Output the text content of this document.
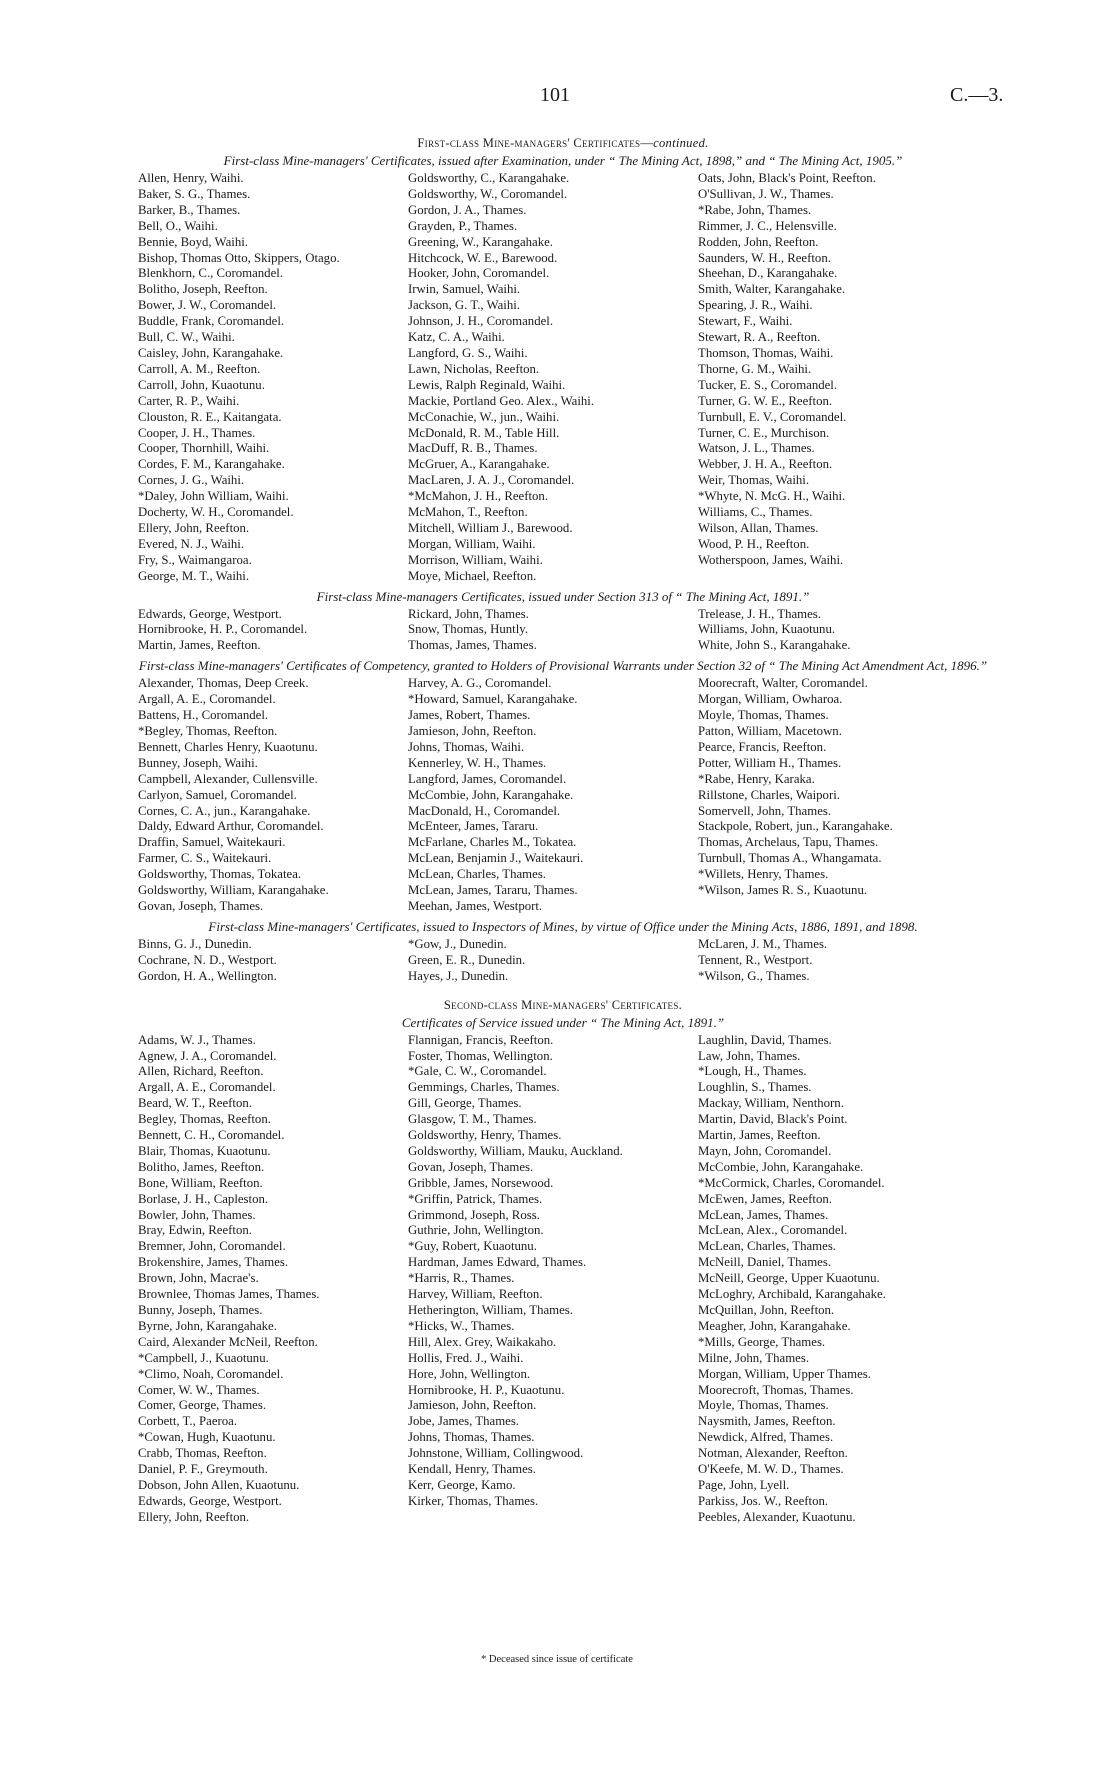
101	C.—3.
First-class Mine-managers' Certificates—continued.
First-class Mine-managers' Certificates, issued after Examination, under “ The Mining Act, 1898,” and “ The Mining Act, 1905.”
Allen, Henry, Waihi.
Baker, S. G., Thames.
Barker, B., Thames.
Bell, O., Waihi.
Bennie, Boyd, Waihi.
Bishop, Thomas Otto, Skippers, Otago.
Blenkhorn, C., Coromandel.
Bolitho, Joseph, Reefton.
Bower, J. W., Coromandel.
Buddle, Frank, Coromandel.
Bull, C. W., Waihi.
Caisley, John, Karangahake.
Carroll, A. M., Reefton.
Carroll, John, Kuaotunu.
Carter, R. P., Waihi.
Clouston, R. E., Kaitangata.
Cooper, J. H., Thames.
Cooper, Thornhill, Waihi.
Cordes, F. M., Karangahake.
Cornes, J. G., Waihi.
*Daley, John William, Waihi.
Docherty, W. H., Coromandel.
Ellery, John, Reefton.
Evered, N. J., Waihi.
Fry, S., Waimangaroa.
George, M. T., Waihi.
Goldsworthy, C., Karangahake.
Goldsworthy, W., Coromandel.
Gordon, J. A., Thames.
Grayden, P., Thames.
Greening, W., Karangahake.
Hitchcock, W. E., Barewood.
Hooker, John, Coromandel.
Irwin, Samuel, Waihi.
Jackson, G. T., Waihi.
Johnson, J. H., Coromandel.
Katz, C. A., Waihi.
Langford, G. S., Waihi.
Lawn, Nicholas, Reefton.
Lewis, Ralph Reginald, Waihi.
Mackie, Portland Geo. Alex., Waihi.
McConachie, W., jun., Waihi.
McDonald, R. M., Table Hill.
MacDuff, R. B., Thames.
McGruer, A., Karangahake.
MacLaren, J. A. J., Coromandel.
*McMahon, J. H., Reefton.
McMahon, T., Reefton.
Mitchell, William J., Barewood.
Morgan, William, Waihi.
Morrison, William, Waihi.
Moye, Michael, Reefton.
Oats, John, Black's Point, Reefton.
O'Sullivan, J. W., Thames.
*Rabe, John, Thames.
Rimmer, J. C., Helensville.
Rodden, John, Reefton.
Saunders, W. H., Reefton.
Sheehan, D., Karangahake.
Smith, Walter, Karangahake.
Spearing, J. R., Waihi.
Stewart, F., Waihi.
Stewart, R. A., Reefton.
Thomson, Thomas, Waihi.
Thorne, G. M., Waihi.
Tucker, E. S., Coromandel.
Turner, G. W. E., Reefton.
Turnbull, E. V., Coromandel.
Turner, C. E., Murchison.
Watson, J. L., Thames.
Webber, J. H. A., Reefton.
Weir, Thomas, Waihi.
*Whyte, N. McG. H., Waihi.
Williams, C., Thames.
Wilson, Allan, Thames.
Wood, P. H., Reefton.
Wotherspoon, James, Waihi.
First-class Mine-managers Certificates, issued under Section 313 of “ The Mining Act, 1891.”
Edwards, George, Westport.
Hornibrooke, H. P., Coromandel.
Martin, James, Reefton.
Rickard, John, Thames.
Snow, Thomas, Huntly.
Thomas, James, Thames.
Trelease, J. H., Thames.
Williams, John, Kuaotunu.
White, John S., Karangahake.
First-class Mine-managers' Certificates of Competency, granted to Holders of Provisional Warrants under Section 32 of “ The Mining Act Amendment Act, 1896.”
Alexander, Thomas, Deep Creek.
Argall, A. E., Coromandel.
Battens, H., Coromandel.
*Begley, Thomas, Reefton.
Bennett, Charles Henry, Kuaotunu.
Bunney, Joseph, Waihi.
Campbell, Alexander, Cullensville.
Carlyon, Samuel, Coromandel.
Cornes, C. A., jun., Karangahake.
Daldy, Edward Arthur, Coromandel.
Draffin, Samuel, Waitekauri.
Farmer, C. S., Waitekauri.
Goldsworthy, Thomas, Tokatea.
Goldsworthy, William, Karangahake.
Govan, Joseph, Thames.
Harvey, A. G., Coromandel.
*Howard, Samuel, Karangahake.
James, Robert, Thames.
Jamieson, John, Reefton.
Johns, Thomas, Waihi.
Kennerley, W. H., Thames.
Langford, James, Coromandel.
McCombie, John, Karangahake.
MacDonald, H., Coromandel.
McEnteer, James, Tararu.
McFarlane, Charles M., Tokatea.
McLean, Benjamin J., Waitekauri.
McLean, Charles, Thames.
McLean, James, Tararu, Thames.
Meehan, James, Westport.
Moorecraft, Walter, Coromandel.
Morgan, William, Owharoa.
Moyle, Thomas, Thames.
Patton, William, Macetown.
Pearce, Francis, Reefton.
Potter, William H., Thames.
*Rabe, Henry, Karaka.
Rillstone, Charles, Waipori.
Somervell, John, Thames.
Stackpole, Robert, jun., Karangahake.
Thomas, Archelaus, Tapu, Thames.
Turnbull, Thomas A., Whangamata.
*Willets, Henry, Thames.
*Wilson, James R. S., Kuaotunu.
First-class Mine-managers' Certificates, issued to Inspectors of Mines, by virtue of Office under the Mining Acts, 1886, 1891, and 1898.
Binns, G. J., Dunedin.
Cochrane, N. D., Westport.
Gordon, H. A., Wellington.
*Gow, J., Dunedin.
Green, E. R., Dunedin.
Hayes, J., Dunedin.
McLaren, J. M., Thames.
Tennent, R., Westport.
*Wilson, G., Thames.
Second-class Mine-managers' Certificates.
Certificates of Service issued under “ The Mining Act, 1891.”
Adams, W. J., Thames.
Agnew, J. A., Coromandel.
Allen, Richard, Reefton.
Argall, A. E., Coromandel.
Beard, W. T., Reefton.
Begley, Thomas, Reefton.
Bennett, C. H., Coromandel.
Blair, Thomas, Kuaotunu.
Bolitho, James, Reefton.
Bone, William, Reefton.
Borlase, J. H., Capleston.
Bowler, John, Thames.
Bray, Edwin, Reefton.
Bremner, John, Coromandel.
Brokenshire, James, Thames.
Brown, John, Macrae's.
Brownlee, Thomas James, Thames.
Bunny, Joseph, Thames.
Byrne, John, Karangahake.
Caird, Alexander McNeil, Reefton.
*Campbell, J., Kuaotunu.
*Climo, Noah, Coromandel.
Comer, W. W., Thames.
Comer, George, Thames.
Corbett, T., Paeroa.
*Cowan, Hugh, Kuaotunu.
Crabb, Thomas, Reefton.
Daniel, P. F., Greymouth.
Dobson, John Allen, Kuaotunu.
Edwards, George, Westport.
Ellery, John, Reefton.
Flannigan, Francis, Reefton.
Foster, Thomas, Wellington.
*Gale, C. W., Coromandel.
Gemmings, Charles, Thames.
Gill, George, Thames.
Glasgow, T. M., Thames.
Goldsworthy, Henry, Thames.
Goldsworthy, William, Mauku, Auckland.
Govan, Joseph, Thames.
Gribble, James, Norsewood.
*Griffin, Patrick, Thames.
Grimmond, Joseph, Ross.
Guthrie, John, Wellington.
*Guy, Robert, Kuaotunu.
Hardman, James Edward, Thames.
*Harris, R., Thames.
Harvey, William, Reefton.
Hetherington, William, Thames.
*Hicks, W., Thames.
Hill, Alex. Grey, Waikakaho.
Hollis, Fred. J., Waihi.
Hore, John, Wellington.
Hornibrooke, H. P., Kuaotunu.
Jamieson, John, Reefton.
Jobe, James, Thames.
Johns, Thomas, Thames.
Johnstone, William, Collingwood.
Kendall, Henry, Thames.
Kerr, George, Kamo.
Kirker, Thomas, Thames.
Laughlin, David, Thames.
Law, John, Thames.
*Lough, H., Thames.
Loughlin, S., Thames.
Mackay, William, Nenthorn.
Martin, David, Black's Point.
Martin, James, Reefton.
Mayn, John, Coromandel.
McCombie, John, Karangahake.
*McCormick, Charles, Coromandel.
McEwen, James, Reefton.
McLean, James, Thames.
McLean, Alex., Coromandel.
McLean, Charles, Thames.
McNeill, Daniel, Thames.
McNeill, George, Upper Kuaotunu.
McLoghry, Archibald, Karangahake.
McQuillan, John, Reefton.
Meagher, John, Karangahake.
*Mills, George, Thames.
Milne, John, Thames.
Morgan, William, Upper Thames.
Moorecroft, Thomas, Thames.
Moyle, Thomas, Thames.
Naysmith, James, Reefton.
Newdick, Alfred, Thames.
Notman, Alexander, Reefton.
O'Keefe, M. W. D., Thames.
Page, John, Lyell.
Parkiss, Jos. W., Reefton.
Peebles, Alexander, Kuaotunu.
* Deceased since issue of certificate
